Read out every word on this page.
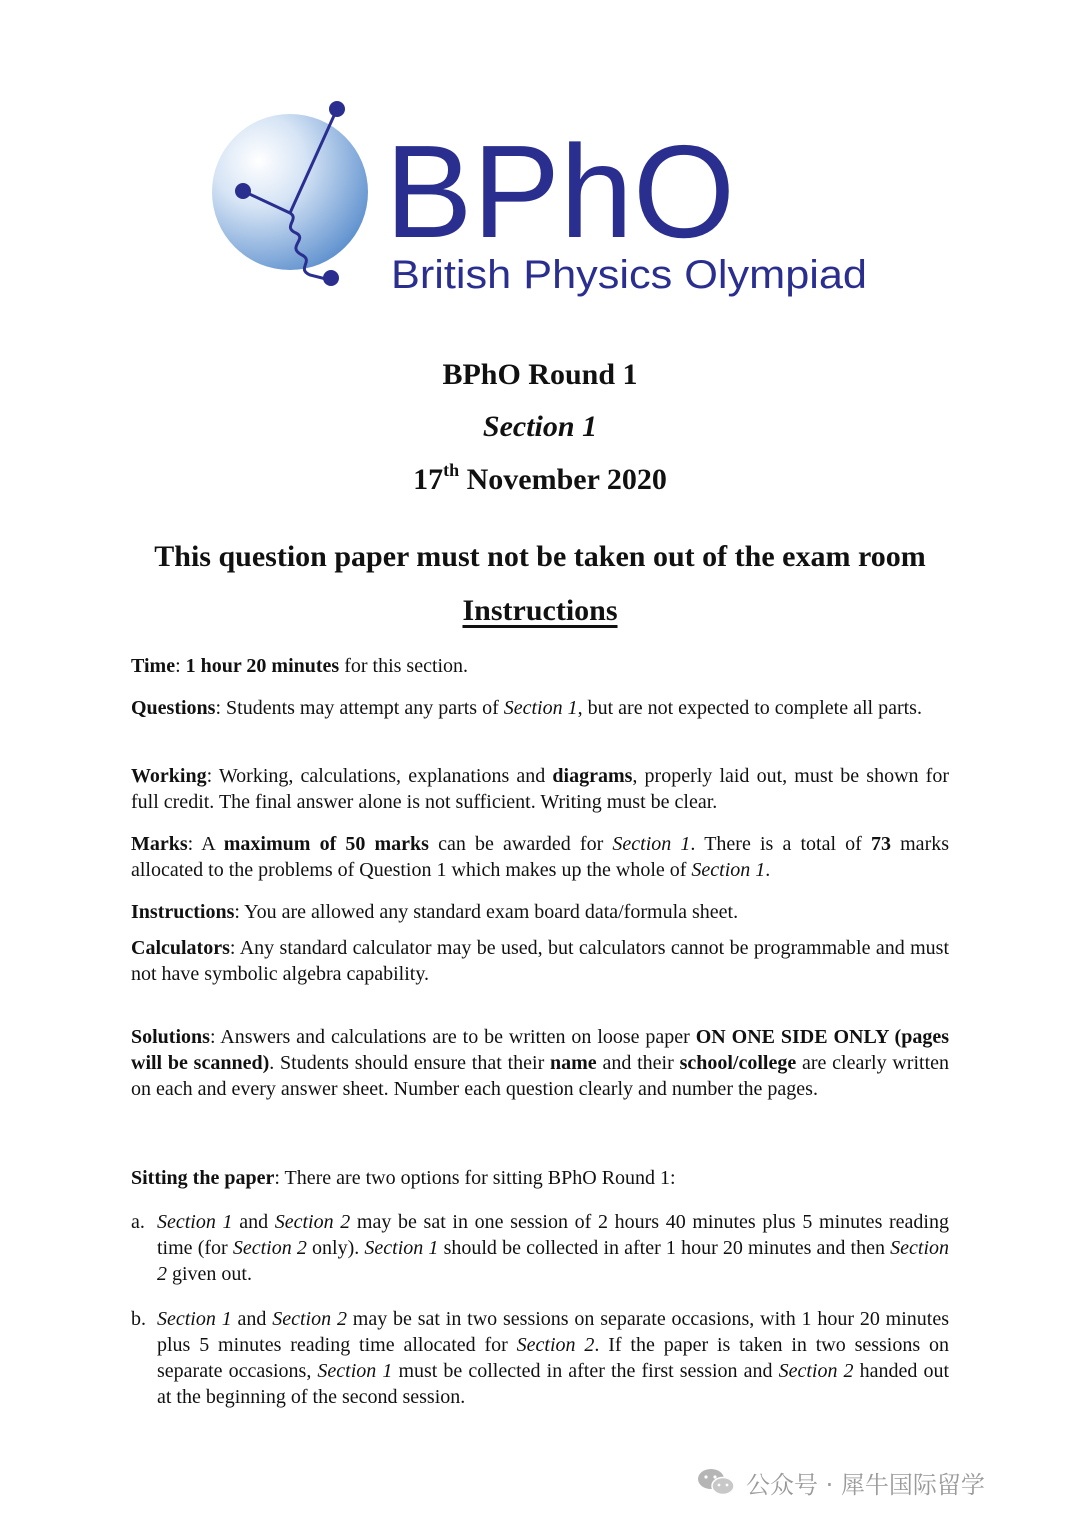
BPhO
British Physics Olympiad
BPhO Round 1
Section 1
17th November 2020
This question paper must not be taken out of the exam room
Instructions

Time: 1 hour 20 minutes for this section.

Questions: Students may attempt any parts of Section 1, but are not expected to complete all parts.

Working: Working, calculations, explanations and diagrams, properly laid out, must be shown for full credit. The final answer alone is not sufficient. Writing must be clear.

Marks: A maximum of 50 marks can be awarded for Section 1. There is a total of 73 marks allocated to the problems of Question 1 which makes up the whole of Section 1.

Instructions: You are allowed any standard exam board data/formula sheet.

Calculators: Any standard calculator may be used, but calculators cannot be programmable and must not have symbolic algebra capability.

Solutions: Answers and calculations are to be written on loose paper ON ONE SIDE ONLY (pages will be scanned). Students should ensure that their name and their school/college are clearly written on each and every answer sheet. Number each question clearly and number the pages.

Sitting the paper: There are two options for sitting BPhO Round 1:

a. Section 1 and Section 2 may be sat in one session of 2 hours 40 minutes plus 5 minutes reading time (for Section 2 only). Section 1 should be collected in after 1 hour 20 minutes and then Section 2 given out.
b. Section 1 and Section 2 may be sat in two sessions on separate occasions, with 1 hour 20 minutes plus 5 minutes reading time allocated for Section 2. If the paper is taken in two sessions on separate occasions, Section 1 must be collected in after the first session and Section 2 handed out at the beginning of the second session.
公众号 · 犀牛国际留学
